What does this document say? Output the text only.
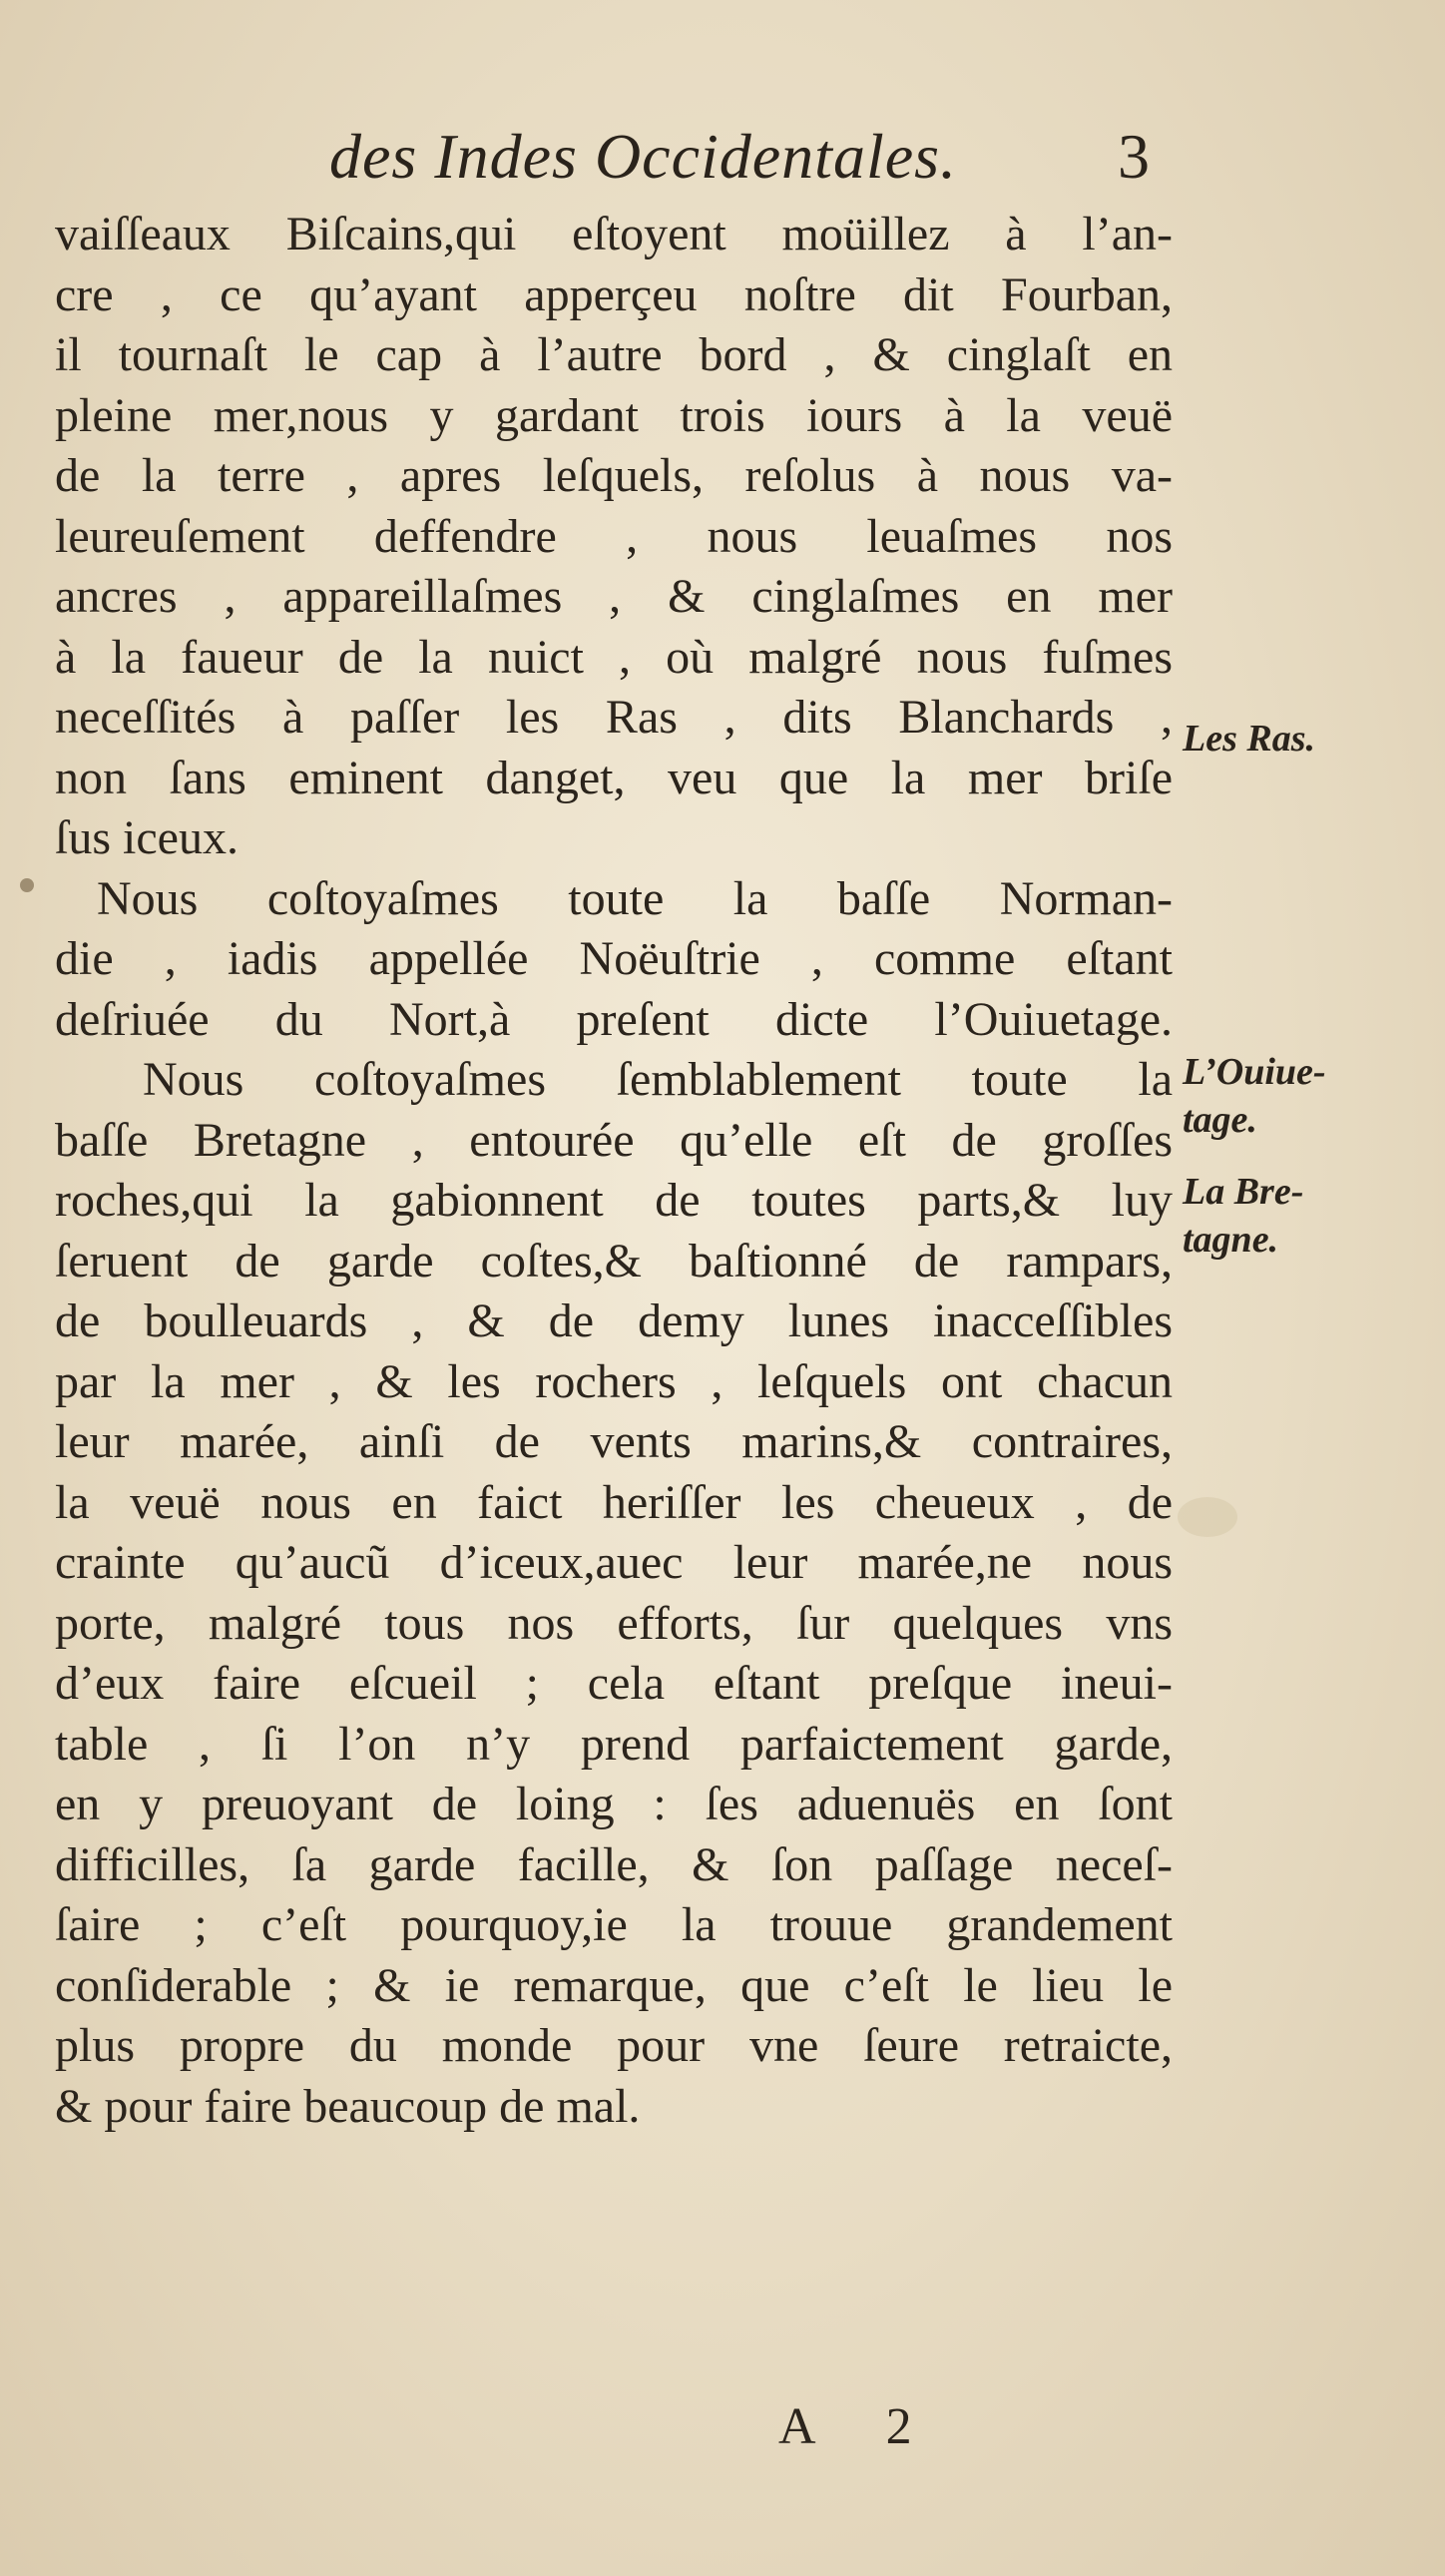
des Indes Occidentales.	3
vaiſſeaux Biſcains,qui eſtoyent moüillez à l’an-
cre , ce qu’ayant apperçeu noſtre dit Fourban,
il tournaſt le cap à l’autre bord , & cinglaſt en
pleine mer,nous y gardant trois iours à la veuë
de la terre , apres leſquels, reſolus à nous va-
leureuſement deffendre , nous leuaſmes nos
ancres , appareillaſmes , & cinglaſmes en mer
à la faueur de la nuict , où malgré nous fuſmes
neceſſités à paſſer les Ras , dits Blanchards ,
non ſans eminent danget, veu que la mer briſe
ſus iceux.
Nous coſtoyaſmes toute la baſſe Norman-
die , iadis appellée Noëuſtrie , comme eſtant
deſriuée du Nort,à preſent dicte l’Ouiuetage.
Nous coſtoyaſmes ſemblablement toute la
baſſe Bretagne , entourée qu’elle eſt de groſſes
roches,qui la gabionnent de toutes parts,& luy
ſeruent de garde coſtes,& baſtionné de rampars,
de boulleuards , & de demy lunes inacceſſibles
par la mer , & les rochers , leſquels ont chacun
leur marée, ainſi de vents marins,& contraires,
la veuë nous en faict heriſſer les cheueux , de
crainte qu’aucũ d’iceux,auec leur marée,ne nous
porte, malgré tous nos efforts, ſur quelques vns
d’eux faire eſcueil ; cela eſtant preſque ineui-
table , ſi l’on n’y prend parfaictement garde,
en y preuoyant de loing : ſes aduenuës en ſont
difficilles, ſa garde facille, & ſon paſſage neceſ-
ſaire ; c’eſt pourquoy,ie la trouue grandement
conſiderable ; & ie remarque, que c’eſt le lieu le
plus propre du monde pour vne ſeure retraicte,
& pour faire beaucoup de mal.
Les Ras.
L’Ouiue-
tage.
La Bre-
tagne.
A 2
